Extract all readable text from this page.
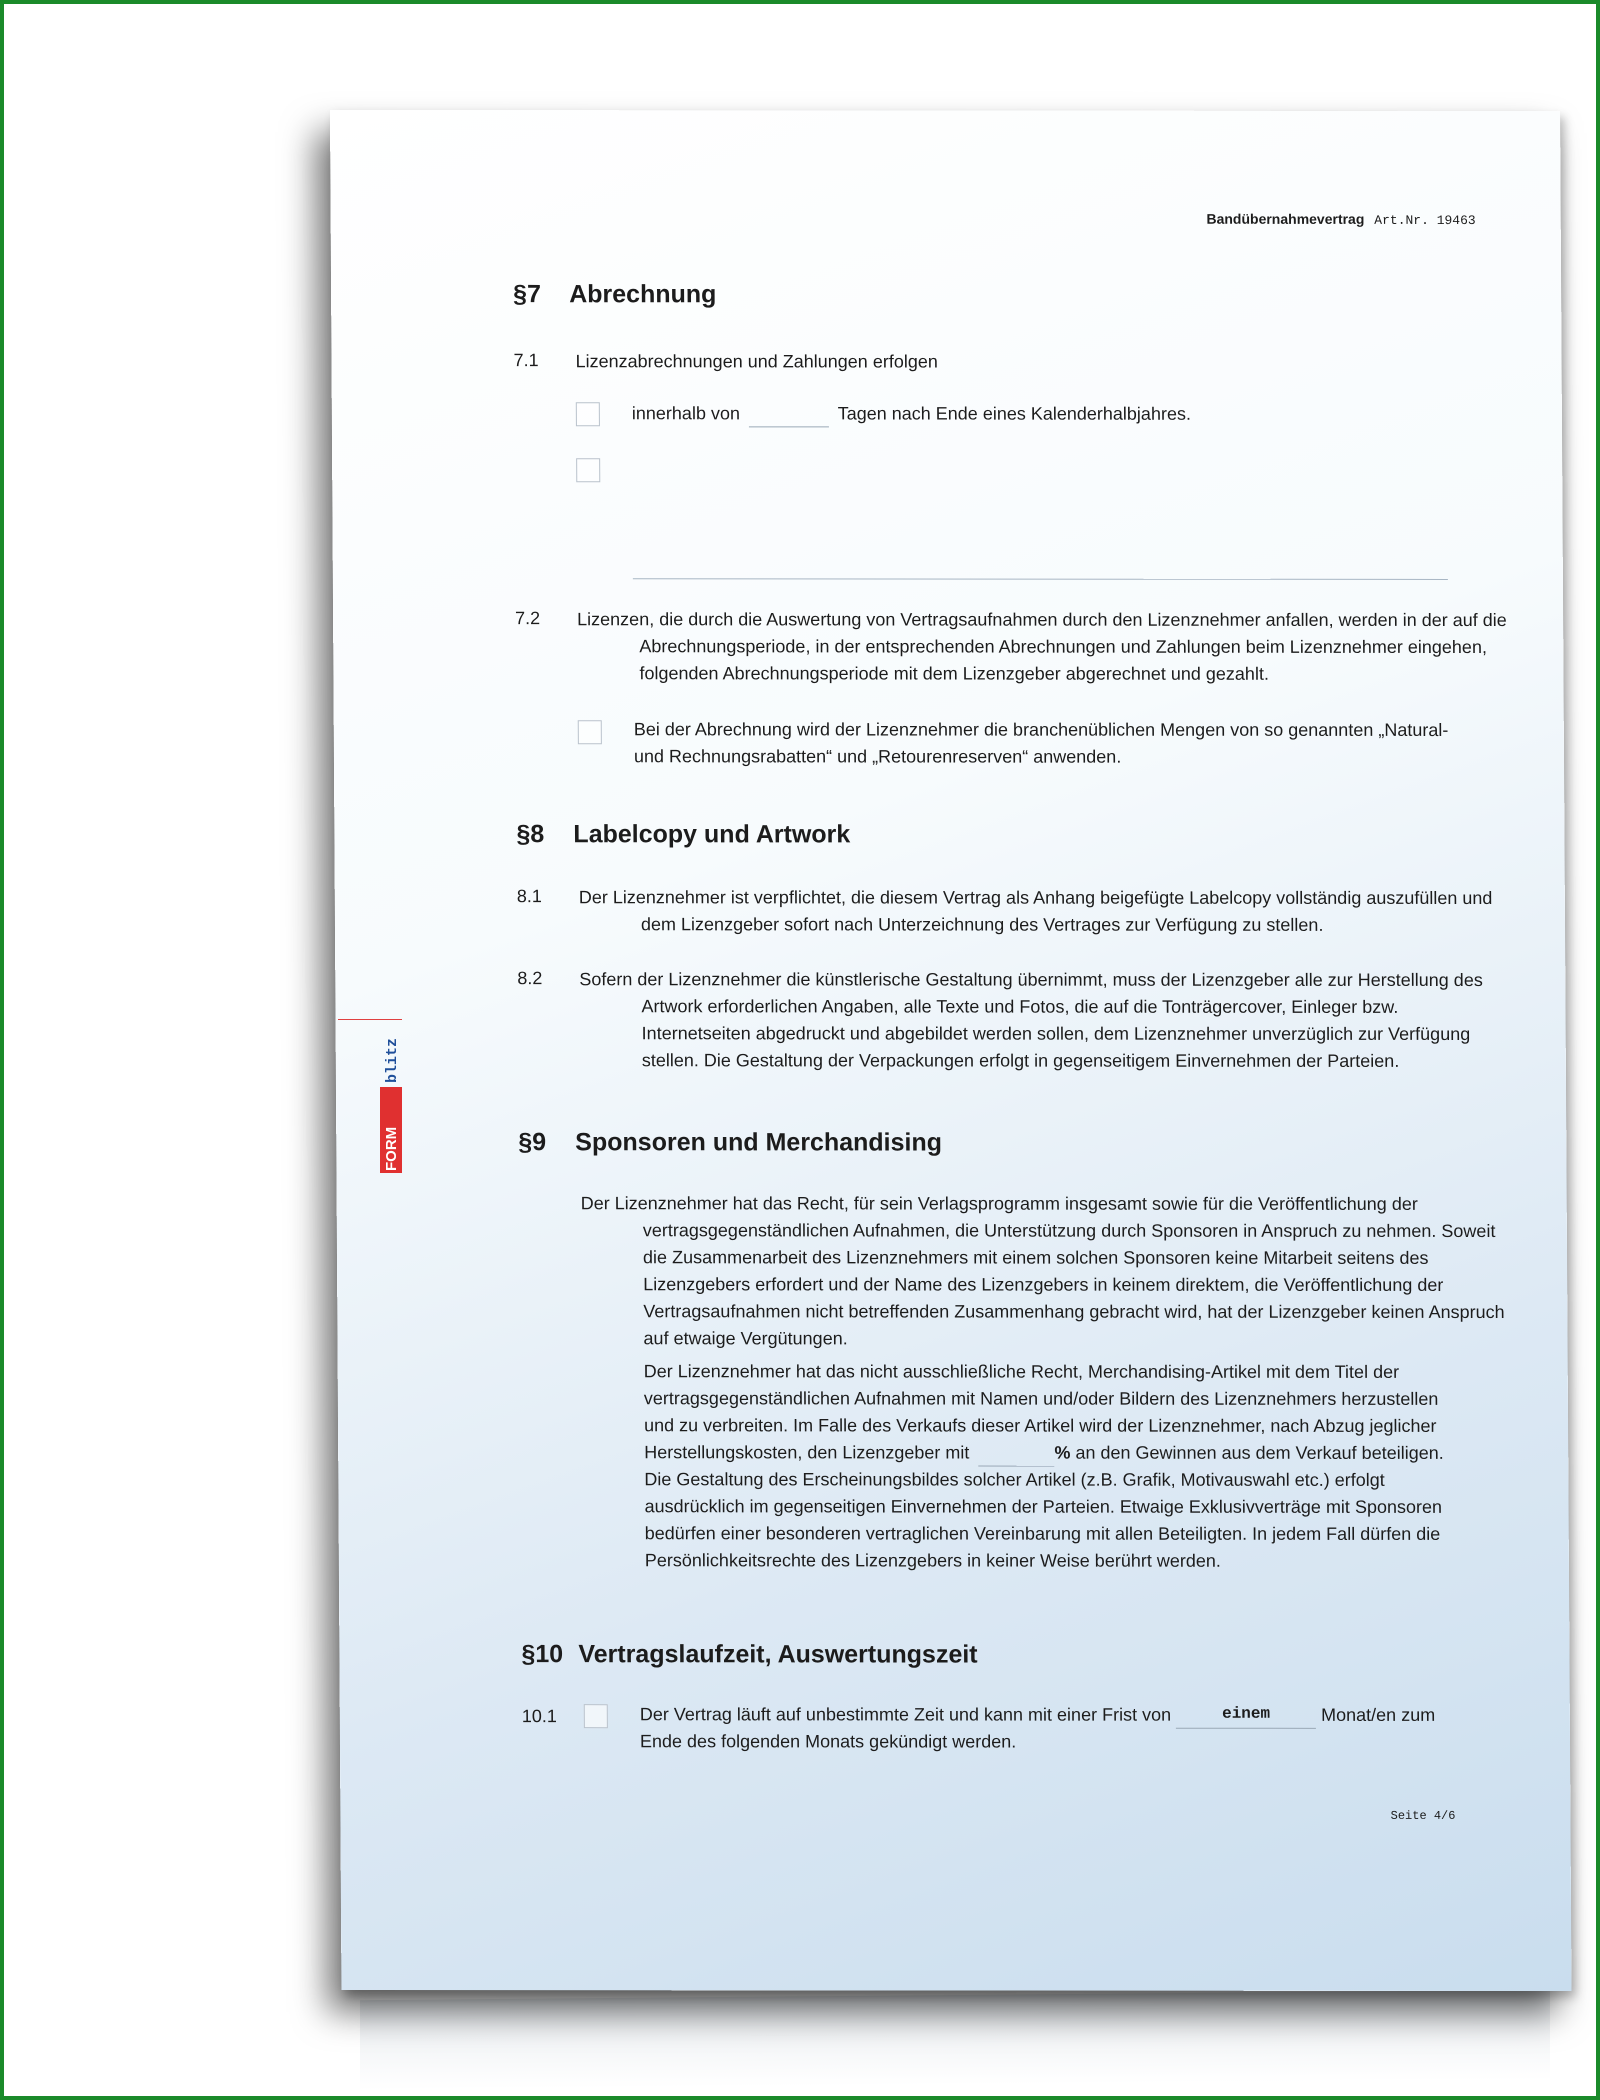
Bandübernahmevertrag Art.Nr. 19463
§7 Abrechnung
7.1 Lizenzabrechnungen und Zahlungen erfolgen
innerhalb von	Tagen nach Ende eines Kalenderhalbjahres.
7.2 Lizenzen, die durch die Auswertung von Vertragsaufnahmen durch den Lizenznehmer anfallen, werden in der auf die Abrechnungsperiode, in der entsprechenden Abrechnungen und Zahlungen beim Lizenznehmer eingehen, folgenden Abrechnungsperiode mit dem Lizenzgeber abgerechnet und gezahlt.
Bei der Abrechnung wird der Lizenznehmer die branchenüblichen Mengen von so genannten „Natural- und Rechnungsrabatten“ und „Retourenreserven“ anwenden.
§8 Labelcopy und Artwork
8.1 Der Lizenznehmer ist verpflichtet, die diesem Vertrag als Anhang beigefügte Labelcopy vollständig auszufüllen und dem Lizenzgeber sofort nach Unterzeichnung des Vertrages zur Verfügung zu stellen.
8.2 Sofern der Lizenznehmer die künstlerische Gestaltung übernimmt, muss der Lizenzgeber alle zur Herstellung des Artwork erforderlichen Angaben, alle Texte und Fotos, die auf die Tonträgercover, Einleger bzw. Internetseiten abgedruckt und abgebildet werden sollen, dem Lizenznehmer unverzüglich zur Verfügung stellen. Die Gestaltung der Verpackungen erfolgt in gegenseitigem Einvernehmen der Parteien.
§9 Sponsoren und Merchandising
Der Lizenznehmer hat das Recht, für sein Verlagsprogramm insgesamt sowie für die Veröffentlichung der vertragsgegenständlichen Aufnahmen, die Unterstützung durch Sponsoren in Anspruch zu nehmen. Soweit die Zusammenarbeit des Lizenznehmers mit einem solchen Sponsoren keine Mitarbeit seitens des Lizenzgebers erfordert und der Name des Lizenzgebers in keinem direktem, die Veröffentlichung der Vertragsaufnahmen nicht betreffenden Zusammenhang gebracht wird, hat der Lizenzgeber keinen Anspruch auf etwaige Vergütungen.
Der Lizenznehmer hat das nicht ausschließliche Recht, Merchandising-Artikel mit dem Titel der vertragsgegenständlichen Aufnahmen mit Namen und/oder Bildern des Lizenznehmers herzustellen und zu verbreiten. Im Falle des Verkaufs dieser Artikel wird der Lizenznehmer, nach Abzug jeglicher Herstellungskosten, den Lizenzgeber mit	% an den Gewinnen aus dem Verkauf beteiligen. Die Gestaltung des Erscheinungsbildes solcher Artikel (z.B. Grafik, Motivauswahl etc.) erfolgt ausdrücklich im gegenseitigen Einvernehmen der Parteien. Etwaige Exklusivverträge mit Sponsoren bedürfen einer besonderen vertraglichen Vereinbarung mit allen Beteiligten. In jedem Fall dürfen die Persönlichkeitsrechte des Lizenzgebers in keiner Weise berührt werden.
§10 Vertragslaufzeit, Auswertungszeit
10.1	Der Vertrag läuft auf unbestimmte Zeit und kann mit einer Frist von	einem	Monat/en zum Ende des folgenden Monats gekündigt werden.
Seite 4/6
FORM
blitz
